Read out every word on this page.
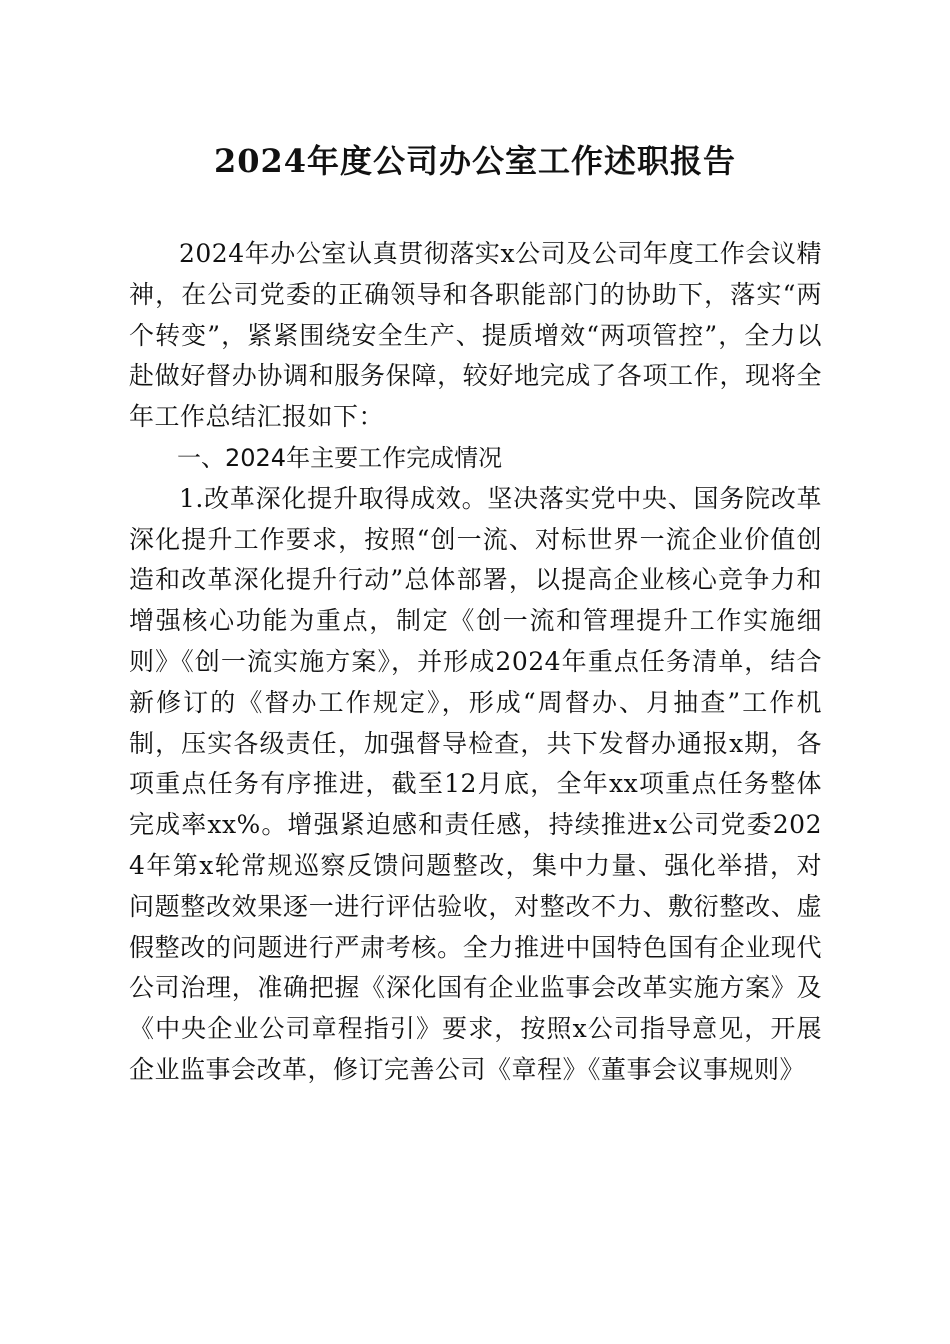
2024年度公司办公室工作述职报告

2024年办公室认真贯彻落实x公司及公司年度工作会议精神，在公司党委的正确领导和各职能部门的协助下，落实“两个转变”，紧紧围绕安全生产、提质增效“两项管控”，全力以赴做好督办协调和服务保障，较好地完成了各项工作，现将全年工作总结汇报如下：

一、2024年主要工作完成情况

1.改革深化提升取得成效。坚决落实党中央、国务院改革深化提升工作要求，按照“创一流、对标世界一流企业价值创造和改革深化提升行动”总体部署，以提高企业核心竞争力和增强核心功能为重点，制定《创一流和管理提升工作实施细则》《创一流实施方案》，并形成2024年重点任务清单，结合新修订的《督办工作规定》，形成“周督办、月抽查”工作机制，压实各级责任，加强督导检查，共下发督办通报x期，各项重点任务有序推进，截至12月底，全年xx项重点任务整体完成率xx%。增强紧迫感和责任感，持续推进x公司党委2024年第x轮常规巡察反馈问题整改，集中力量、强化举措，对问题整改效果逐一进行评估验收，对整改不力、敷衍整改、虚假整改的问题进行严肃考核。全力推进中国特色国有企业现代公司治理，准确把握《深化国有企业监事会改革实施方案》及《中央企业公司章程指引》要求，按照x公司指导意见，开展企业监事会改革，修订完善公司《章程》《董事会议事规则》
